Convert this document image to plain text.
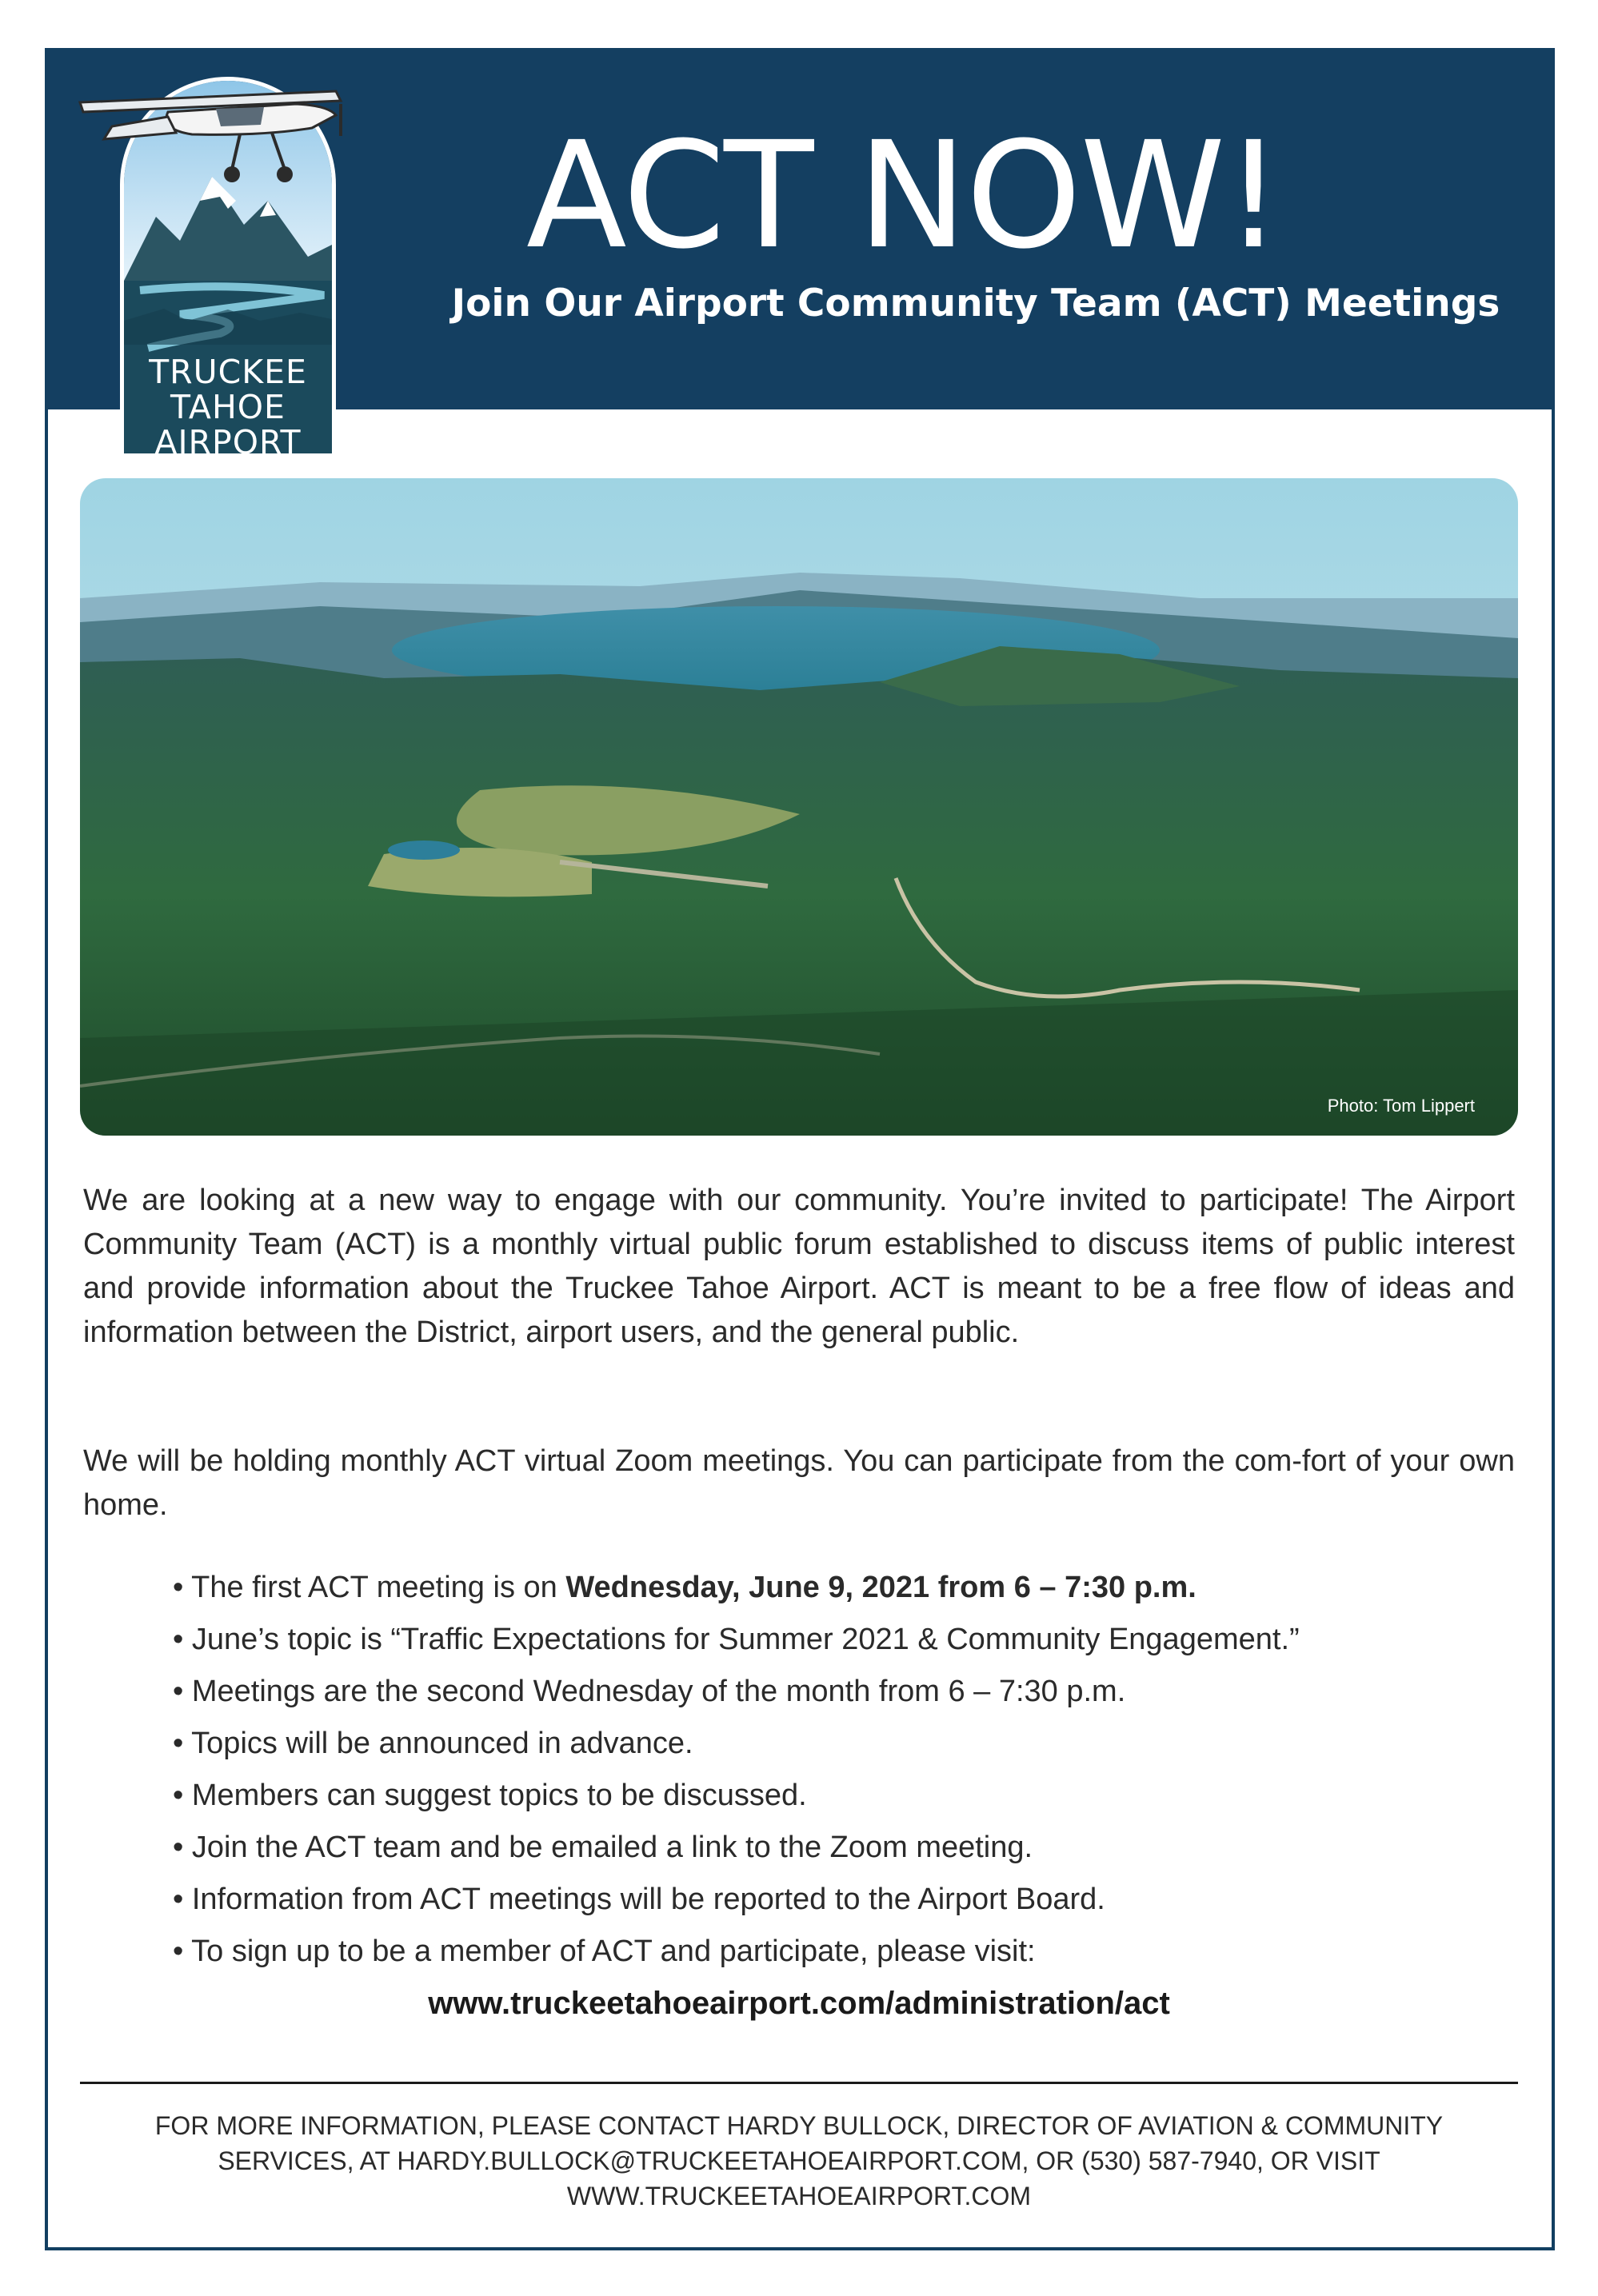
TRUCKEE
TAHOE
AIRPORT
ACT NOW!
Join Our Airport Community Team (ACT) Meetings
Photo: Tom Lippert
We are looking at a new way to engage with our community. You’re invited to participate! The Airport Community Team (ACT) is a monthly virtual public forum established to discuss items of public interest and provide information about the Truckee Tahoe Airport. ACT is meant to be a free flow of ideas and information between the District, airport users, and the general public.
We will be holding monthly ACT virtual Zoom meetings. You can participate from the com-fort of your own home.
• The first ACT meeting is on Wednesday, June 9, 2021 from 6 – 7:30 p.m.
• June’s topic is “Traffic Expectations for Summer 2021 & Community Engagement.”
• Meetings are the second Wednesday of the month from 6 – 7:30 p.m.
• Topics will be announced in advance.
• Members can suggest topics to be discussed.
• Join the ACT team and be emailed a link to the Zoom meeting.
• Information from ACT meetings will be reported to the Airport Board.
• To sign up to be a member of ACT and participate, please visit:
www.truckeetahoeairport.com/administration/act
FOR MORE INFORMATION, PLEASE CONTACT HARDY BULLOCK, DIRECTOR OF AVIATION & COMMUNITY
SERVICES, AT HARDY.BULLOCK@TRUCKEETAHOEAIRPORT.COM, OR (530) 587-7940, OR VISIT
WWW.TRUCKEETAHOEAIRPORT.COM
